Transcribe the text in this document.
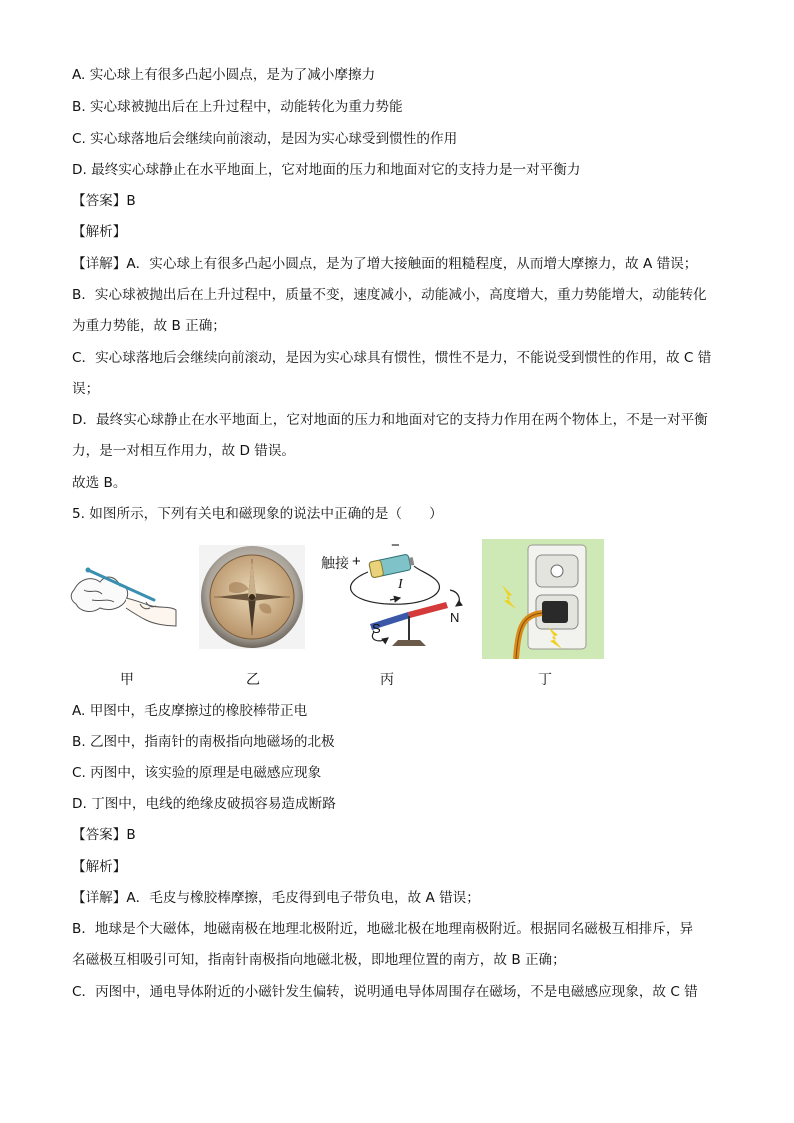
A. 实心球上有很多凸起小圆点，是为了减小摩擦力
B. 实心球被抛出后在上升过程中，动能转化为重力势能
C. 实心球落地后会继续向前滚动，是因为实心球受到惯性的作用
D. 最终实心球静止在水平地面上，它对地面的压力和地面对它的支持力是一对平衡力
【答案】B
【解析】
【详解】A．实心球上有很多凸起小圆点，是为了增大接触面的粗糙程度，从而增大摩擦力，故 A 错误；
B．实心球被抛出后在上升过程中，质量不变，速度减小，动能减小，高度增大，重力势能增大，动能转化
为重力势能，故 B 正确；
C．实心球落地后会继续向前滚动，是因为实心球具有惯性，惯性不是力，不能说受到惯性的作用，故 C 错
误；
D．最终实心球静止在水平地面上，它对地面的压力和地面对它的支持力作用在两个物体上，不是一对平衡
力，是一对相互作用力，故 D 错误。
故选 B。
5. 如图所示，下列有关电和磁现象的说法中正确的是（　　）
触接 +
−
I
S
N
甲	乙	丙	丁
A. 甲图中，毛皮摩擦过的橡胶棒带正电
B. 乙图中，指南针的南极指向地磁场的北极
C. 丙图中，该实验的原理是电磁感应现象
D. 丁图中，电线的绝缘皮破损容易造成断路
【答案】B
【解析】
【详解】A．毛皮与橡胶棒摩擦，毛皮得到电子带负电，故 A 错误；
B．地球是个大磁体，地磁南极在地理北极附近，地磁北极在地理南极附近。根据同名磁极互相排斥，异
名磁极互相吸引可知，指南针南极指向地磁北极，即地理位置的南方，故 B 正确；
C．丙图中，通电导体附近的小磁针发生偏转，说明通电导体周围存在磁场，不是电磁感应现象，故 C 错
